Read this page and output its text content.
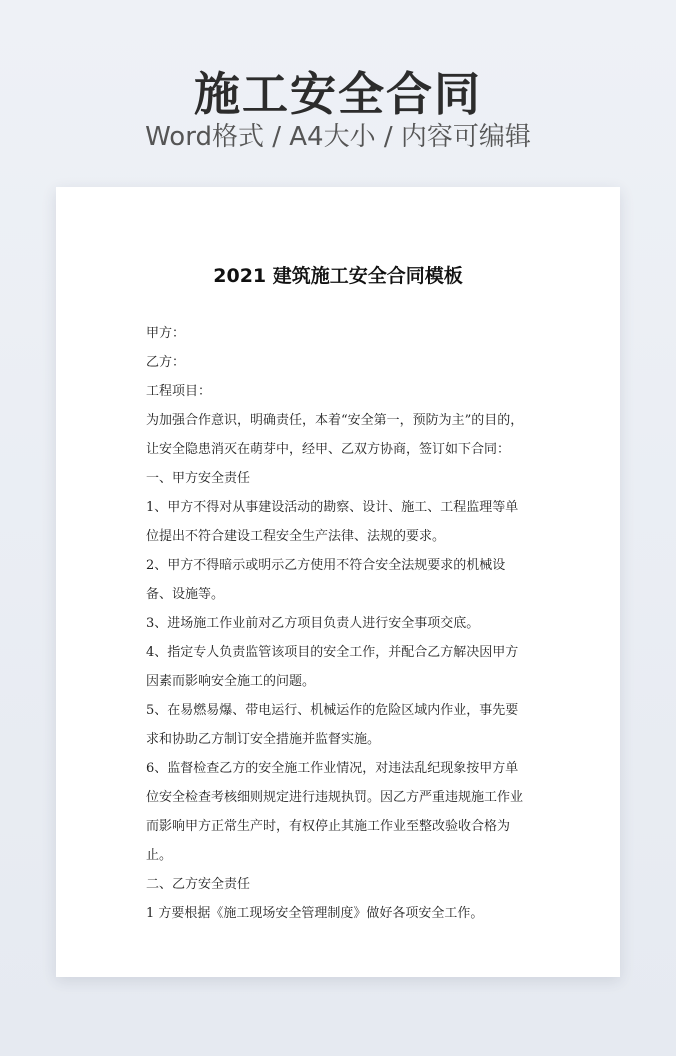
施工安全合同
Word格式 / A4大小 / 内容可编辑
2021 建筑施工安全合同模板

甲方：

乙方：

工程项目：

为加强合作意识，明确责任，本着“安全第一，预防为主”的目的，让安全隐患消灭在萌芽中，经甲、乙双方协商，签订如下合同：

一、甲方安全责任

1、甲方不得对从事建设活动的勘察、设计、施工、工程监理等单位提出不符合建设工程安全生产法律、法规的要求。

2、甲方不得暗示或明示乙方使用不符合安全法规要求的机械设备、设施等。

3、进场施工作业前对乙方项目负责人进行安全事项交底。

4、指定专人负责监管该项目的安全工作，并配合乙方解决因甲方因素而影响安全施工的问题。

5、在易燃易爆、带电运行、机械运作的危险区域内作业，事先要求和协助乙方制订安全措施并监督实施。

6、监督检查乙方的安全施工作业情况，对违法乱纪现象按甲方单位安全检查考核细则规定进行违规执罚。因乙方严重违规施工作业而影响甲方正常生产时，有权停止其施工作业至整改验收合格为止。

二、乙方安全责任

1 方要根据《施工现场安全管理制度》做好各项安全工作。
